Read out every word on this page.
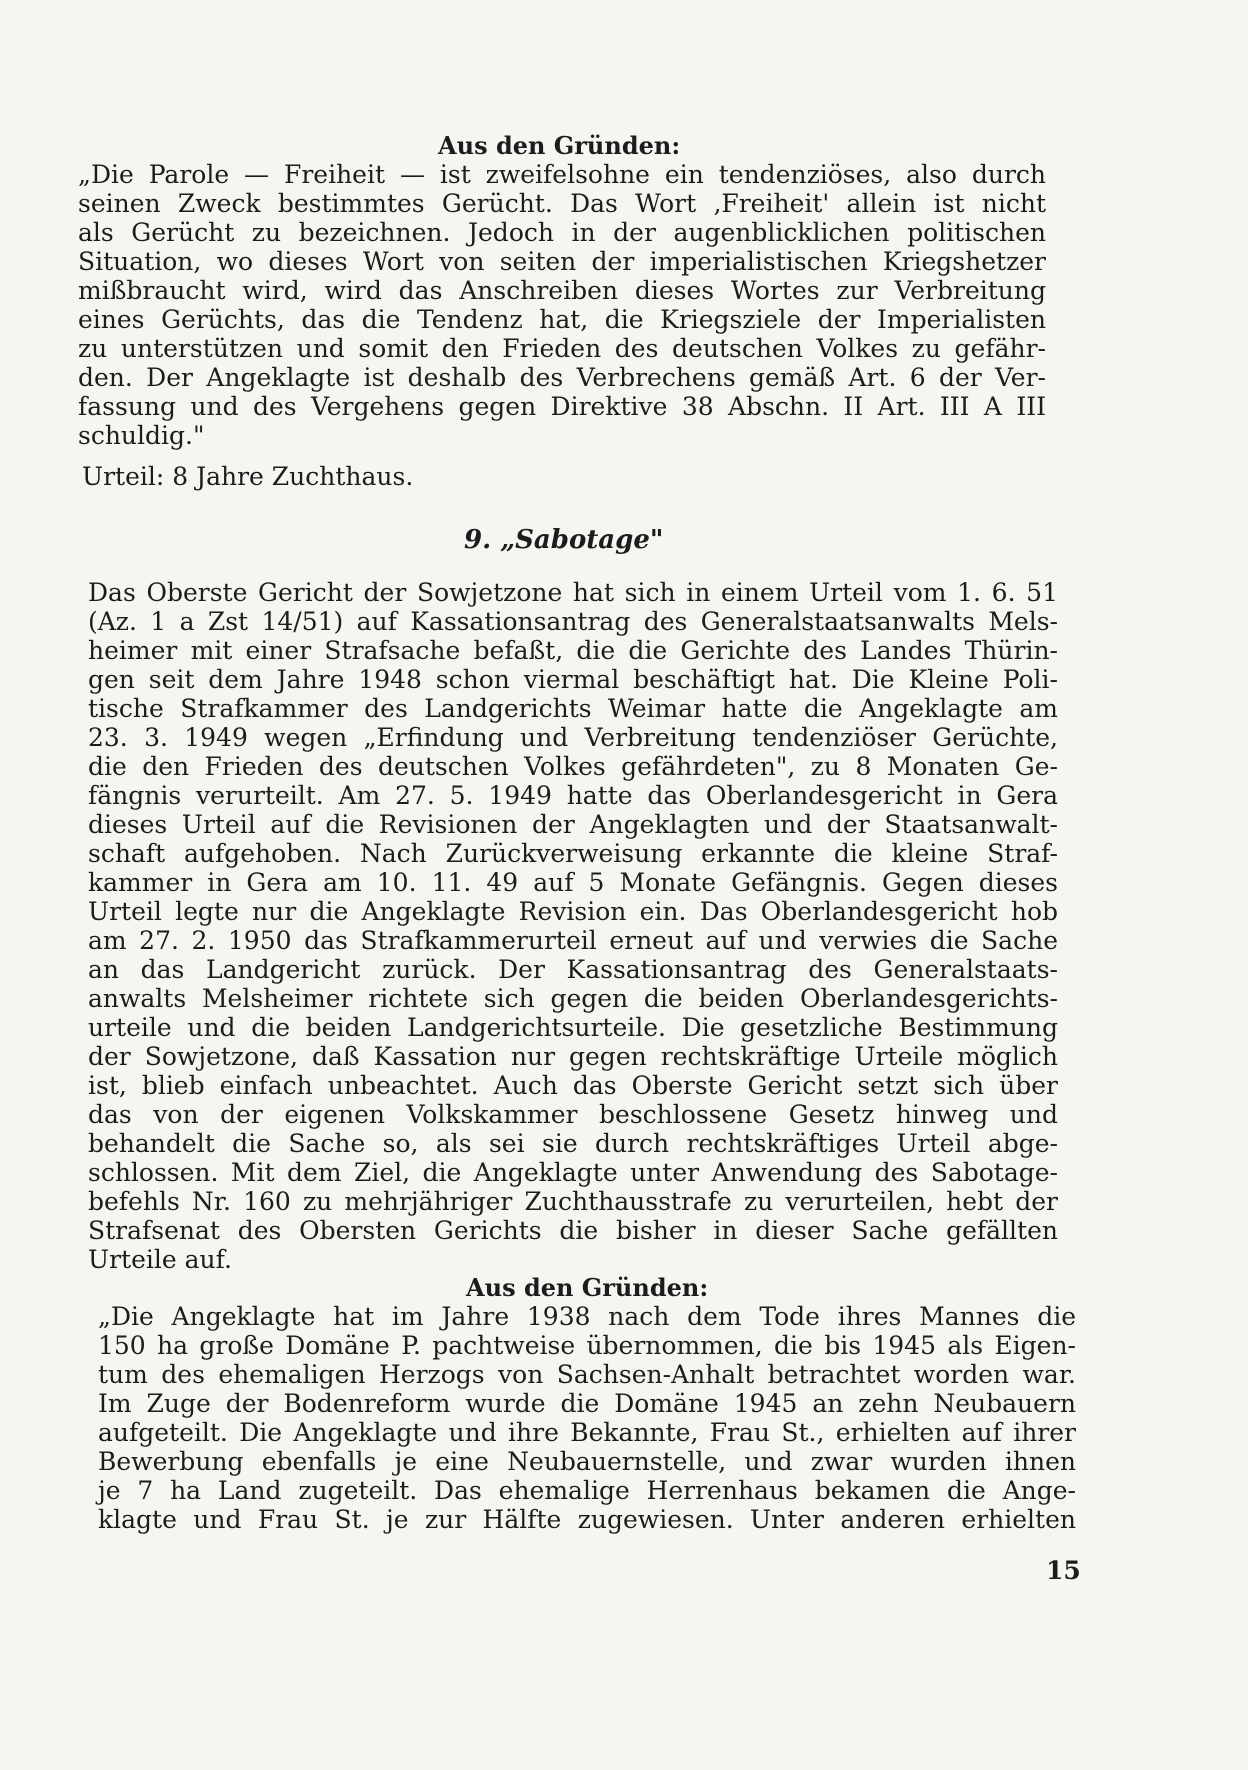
Aus den Gründen:
„Die Parole — Freiheit — ist zweifelsohne ein tendenziöses, also durch
seinen Zweck bestimmtes Gerücht. Das Wort ‚Freiheit' allein ist nicht
als Gerücht zu bezeichnen. Jedoch in der augenblicklichen politischen
Situation, wo dieses Wort von seiten der imperialistischen Kriegshetzer
mißbraucht wird, wird das Anschreiben dieses Wortes zur Verbreitung
eines Gerüchts, das die Tendenz hat, die Kriegsziele der Imperialisten
zu unterstützen und somit den Frieden des deutschen Volkes zu gefähr-
den. Der Angeklagte ist deshalb des Verbrechens gemäß Art. 6 der Ver-
fassung und des Vergehens gegen Direktive 38 Abschn. II Art. III A III
schuldig."

Urteil: 8 Jahre Zuchthaus.

9. „Sabotage"
Das Oberste Gericht der Sowjetzone hat sich in einem Urteil vom 1. 6. 51
(Az. 1 a Zst 14/51) auf Kassationsantrag des Generalstaatsanwalts Mels-
heimer mit einer Strafsache befaßt, die die Gerichte des Landes Thürin-
gen seit dem Jahre 1948 schon viermal beschäftigt hat. Die Kleine Poli-
tische Strafkammer des Landgerichts Weimar hatte die Angeklagte am
23. 3. 1949 wegen „Erfindung und Verbreitung tendenziöser Gerüchte,
die den Frieden des deutschen Volkes gefährdeten", zu 8 Monaten Ge-
fängnis verurteilt. Am 27. 5. 1949 hatte das Oberlandesgericht in Gera
dieses Urteil auf die Revisionen der Angeklagten und der Staatsanwalt-
schaft aufgehoben. Nach Zurückverweisung erkannte die kleine Straf-
kammer in Gera am 10. 11. 49 auf 5 Monate Gefängnis. Gegen dieses
Urteil legte nur die Angeklagte Revision ein. Das Oberlandesgericht hob
am 27. 2. 1950 das Strafkammerurteil erneut auf und verwies die Sache
an das Landgericht zurück. Der Kassationsantrag des Generalstaats-
anwalts Melsheimer richtete sich gegen die beiden Oberlandesgerichts-
urteile und die beiden Landgerichtsurteile. Die gesetzliche Bestimmung
der Sowjetzone, daß Kassation nur gegen rechtskräftige Urteile möglich
ist, blieb einfach unbeachtet. Auch das Oberste Gericht setzt sich über
das von der eigenen Volkskammer beschlossene Gesetz hinweg und
behandelt die Sache so, als sei sie durch rechtskräftiges Urteil abge-
schlossen. Mit dem Ziel, die Angeklagte unter Anwendung des Sabotage-
befehls Nr. 160 zu mehrjähriger Zuchthausstrafe zu verurteilen, hebt der
Strafsenat des Obersten Gerichts die bisher in dieser Sache gefällten
Urteile auf.
Aus den Gründen:
„Die Angeklagte hat im Jahre 1938 nach dem Tode ihres Mannes die
150 ha große Domäne P. pachtweise übernommen, die bis 1945 als Eigen-
tum des ehemaligen Herzogs von Sachsen-Anhalt betrachtet worden war.
Im Zuge der Bodenreform wurde die Domäne 1945 an zehn Neubauern
aufgeteilt. Die Angeklagte und ihre Bekannte, Frau St., erhielten auf ihrer
Bewerbung ebenfalls je eine Neubauernstelle, und zwar wurden ihnen
je 7 ha Land zugeteilt. Das ehemalige Herrenhaus bekamen die Ange-
klagte und Frau St. je zur Hälfte zugewiesen. Unter anderen erhielten

15
